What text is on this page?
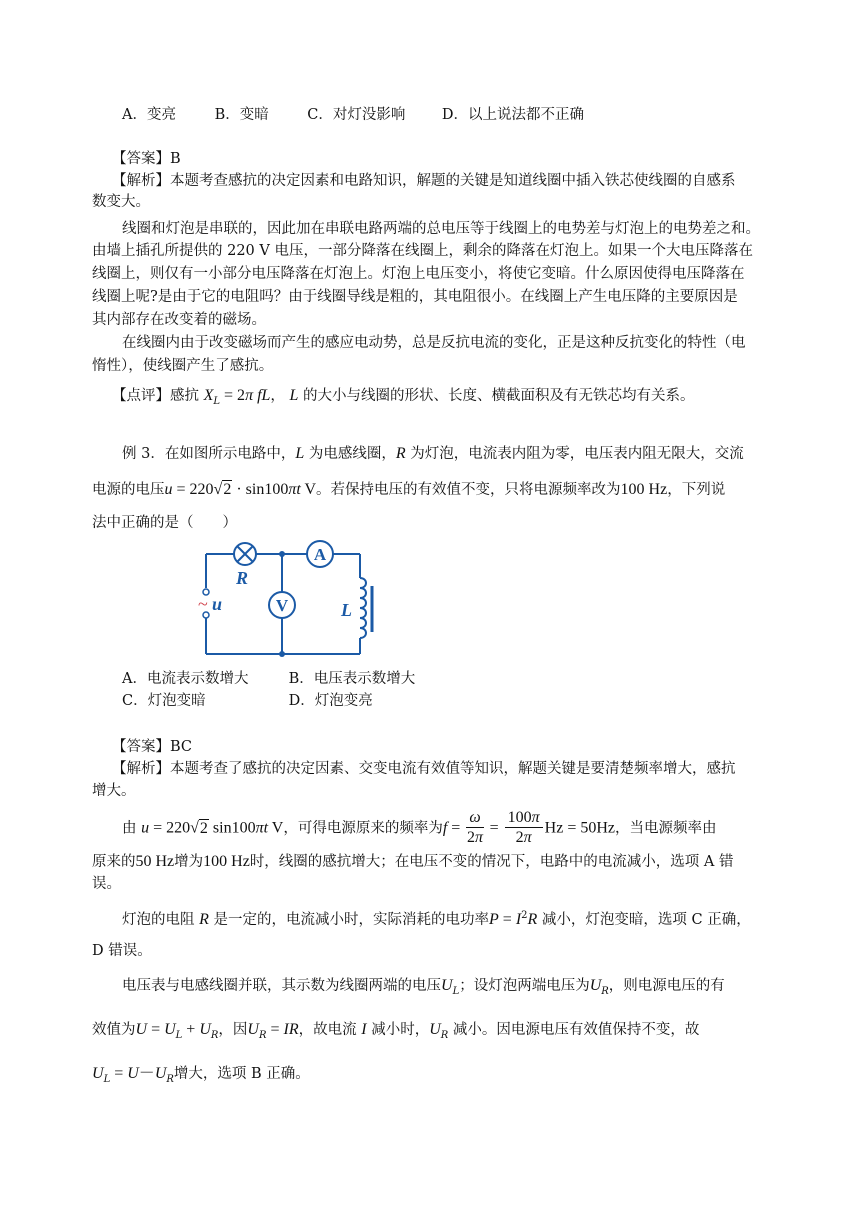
A．变亮	B．变暗	C．对灯没影响	D．以上说法都不正确
【答案】B
【解析】本题考查感抗的决定因素和电路知识，解题的关键是知道线圈中插入铁芯使线圈的自感系
数变大。
线圈和灯泡是串联的，因此加在串联电路两端的总电压等于线圈上的电势差与灯泡上的电势差之和。
由墙上插孔所提供的 220 V 电压，一部分降落在线圈上，剩余的降落在灯泡上。如果一个大电压降落在
线圈上，则仅有一小部分电压降落在灯泡上。灯泡上电压变小，将使它变暗。什么原因使得电压降落在
线圈上呢?是由于它的电阻吗？由于线圈导线是粗的，其电阻很小。在线圈上产生电压降的主要原因是
其内部存在改变着的磁场。
在线圈内由于改变磁场而产生的感应电动势，总是反抗电流的变化，正是这种反抗变化的特性（电
惰性），使线圈产生了感抗。
【点评】感抗 $X_L = 2\pi$ fL， L 的大小与线圈的形状、长度、横截面积及有无铁芯均有关系。
例 3．在如图所示电路中，L 为电感线圈，R 为灯泡，电流表内阻为零，电压表内阻无限大，交流
电源的电压u = 220√2 · sin100πt V。若保持电压的有效值不变，只将电源频率改为100 Hz，下列说
法中正确的是（　　）
R
A
V
~ u	L
A．电流表示数增大	B．电压表示数增大
C．灯泡变暗	D．灯泡变亮
【答案】BC
【解析】本题考查了感抗的决定因素、交变电流有效值等知识，解题关键是要清楚频率增大，感抗
增大。
由 u = 220√2 sin100πt V，可得电源原来的频率为$f = \frac{\omega}{2\pi} = \frac{100\pi}{2\pi}$ Hz = 50Hz，当电源频率由
原来的50 Hz增为100 Hz时，线圈的感抗增大；在电压不变的情况下，电路中的电流减小，选项 A 错
误。
灯泡的电阻 R 是一定的，电流减小时，实际消耗的电功率$P = I^2R$ 减小，灯泡变暗，选项 C 正确，
D 错误。
电压表与电感线圈并联，其示数为线圈两端的电压$U_L$；设灯泡两端电压为$U_R$，则电源电压的有
效值为$U = U_L + U_R$，因$U_R$ = IR，故电流 I 减小时，$U_R$ 减小。因电源电压有效值保持不变，故
$U_L = U-U_R$增大，选项 B 正确。
